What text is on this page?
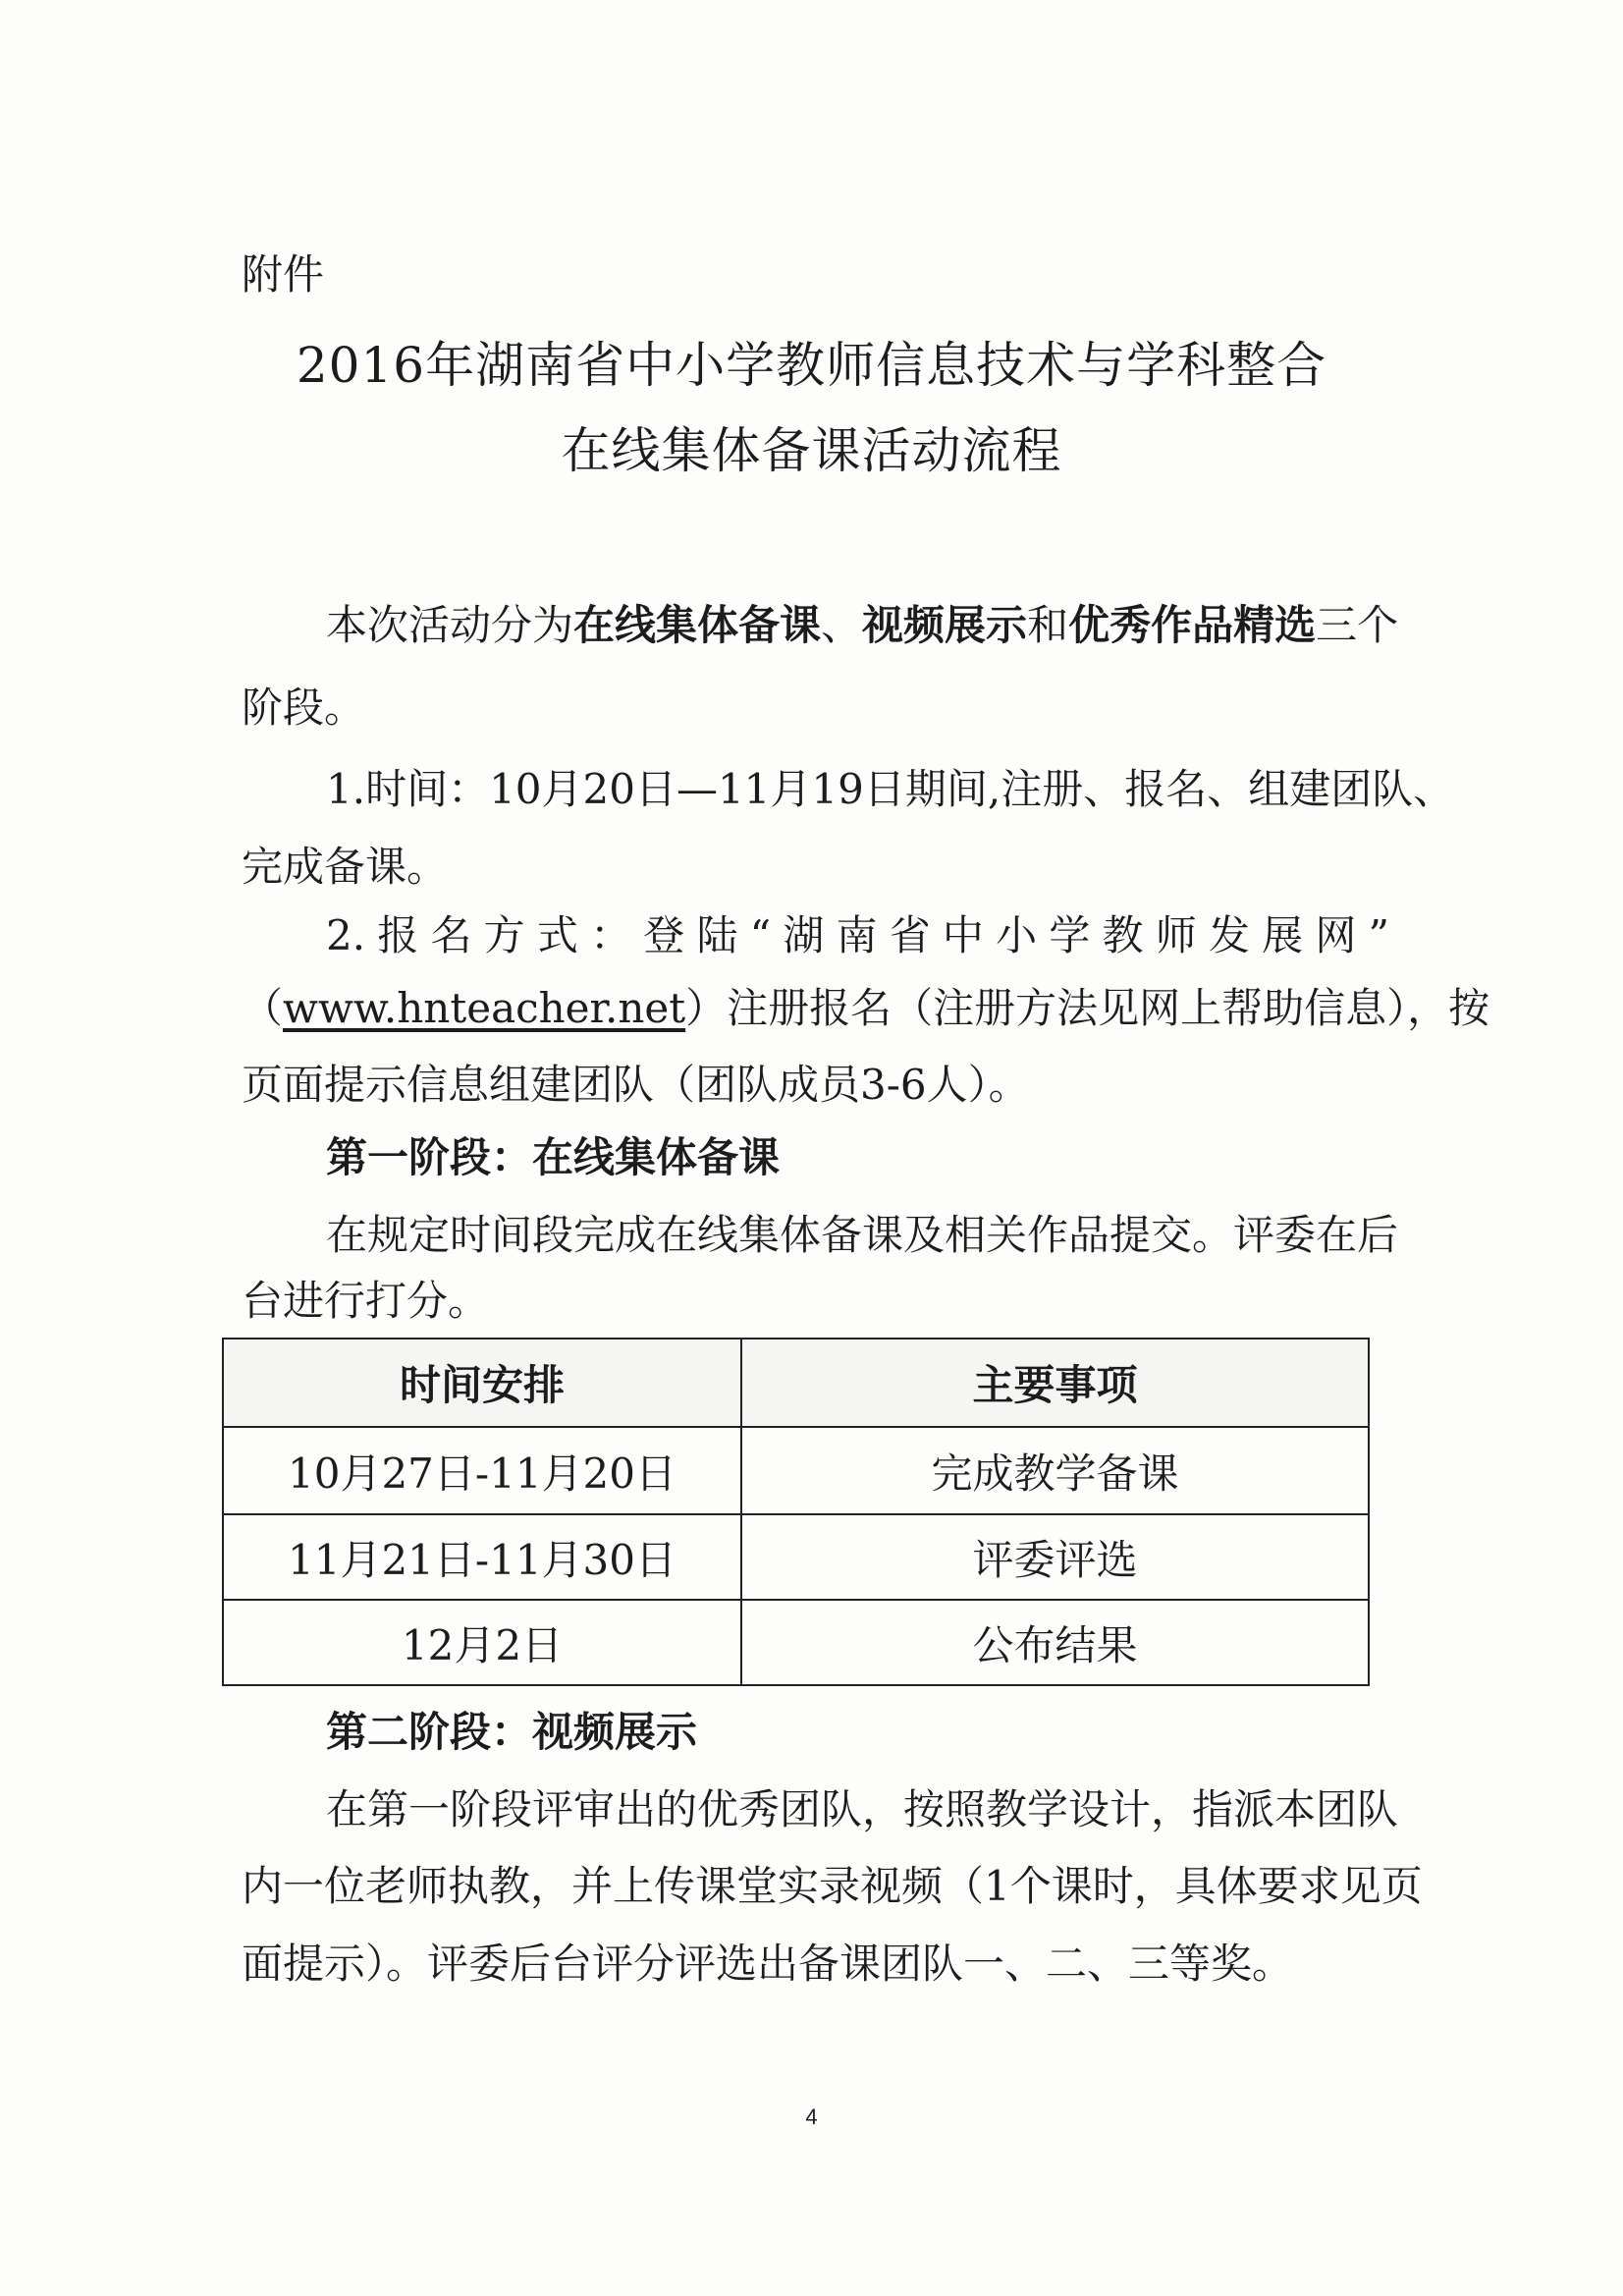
附件
2016年湖南省中小学教师信息技术与学科整合
在线集体备课活动流程
本次活动分为在线集体备课、视频展示和优秀作品精选三个
阶段。
1.时间：10月20日—11月19日期间,注册、报名、组建团队、
完成备课。
2.报名方式：登陆“湖南省中小学教师发展网”
（www.hnteacher.net）注册报名（注册方法见网上帮助信息），按
页面提示信息组建团队（团队成员3-6人）。
第一阶段：在线集体备课
在规定时间段完成在线集体备课及相关作品提交。评委在后
台进行打分。
时间安排	主要事项
10月27日-11月20日	完成教学备课
11月21日-11月30日	评委评选
12月2日	公布结果
第二阶段：视频展示
在第一阶段评审出的优秀团队，按照教学设计，指派本团队
内一位老师执教，并上传课堂实录视频（1个课时，具体要求见页
面提示）。评委后台评分评选出备课团队一、二、三等奖。
4
